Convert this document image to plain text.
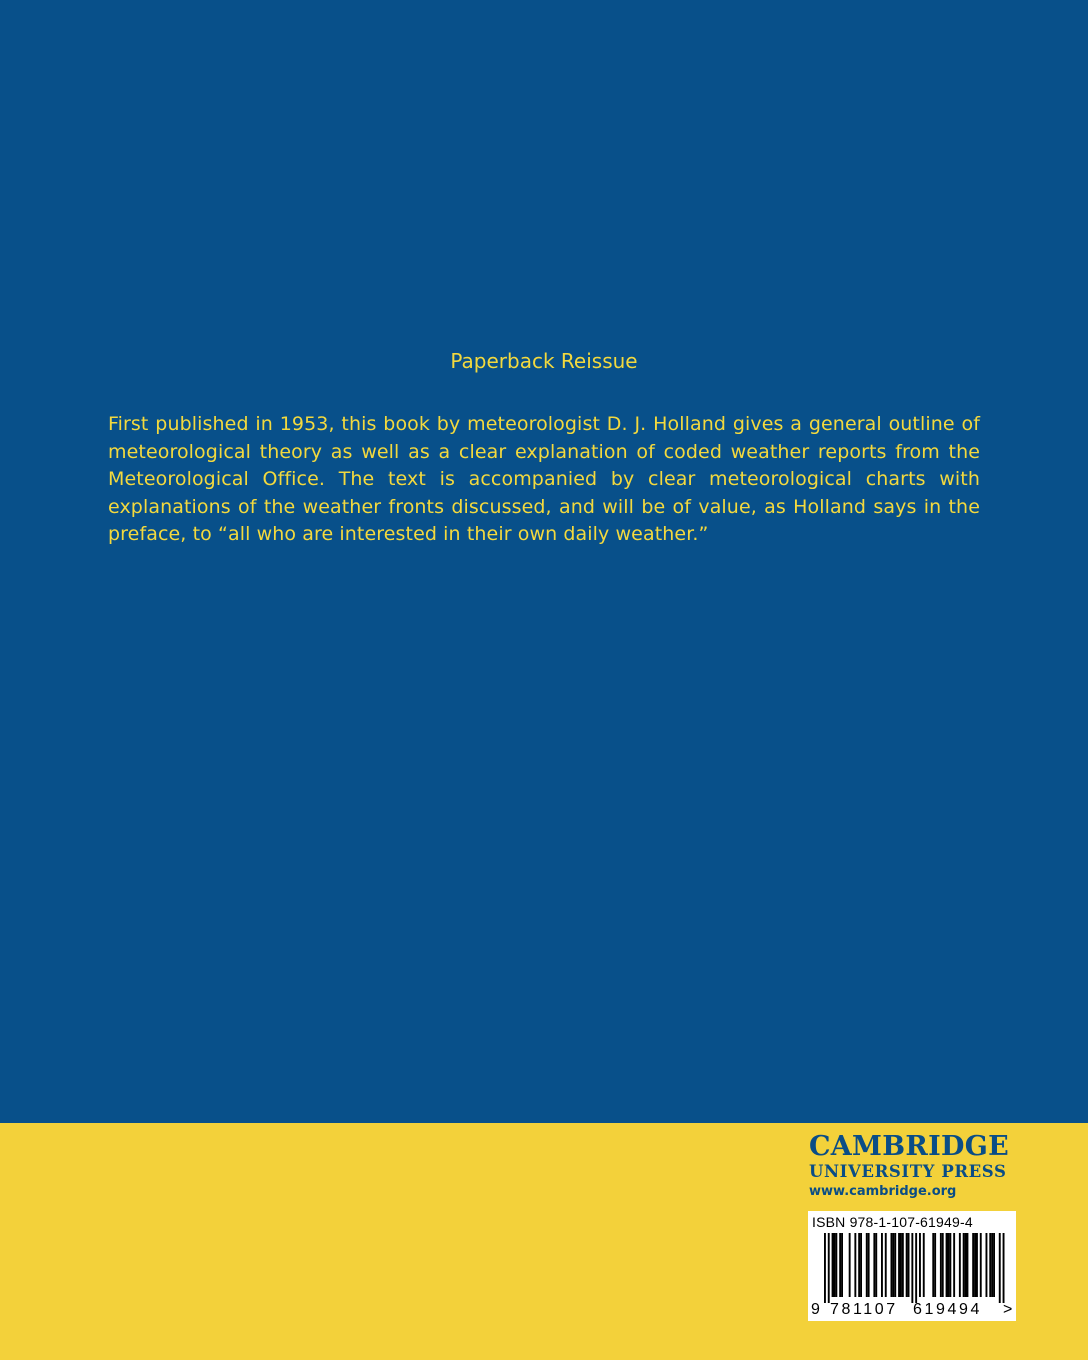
Paperback Reissue

First published in 1953, this book by meteorologist D. J. Holland gives a general outline of meteorological theory as well as a clear explanation of coded weather reports from the Meteorological Office. The text is accompanied by clear meteorological charts with explanations of the weather fronts discussed, and will be of value, as Holland says in the preface, to “all who are interested in their own daily weather.”

CAMBRIDGE
UNIVERSITY PRESS
www.cambridge.org
ISBN 978-1-107-61949-4
9 781107 619494 >
